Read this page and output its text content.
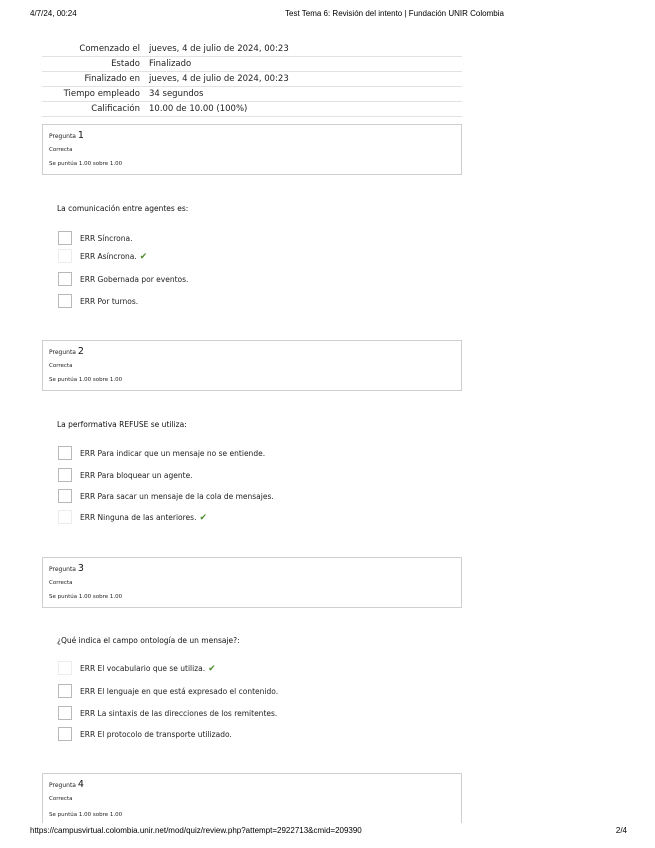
4/7/24, 00:24	Test Tema 6: Revisión del intento | Fundación UNIR Colombia
Comenzado el	jueves, 4 de julio de 2024, 00:23
Estado	Finalizado
Finalizado en	jueves, 4 de julio de 2024, 00:23
Tiempo empleado	34 segundos
Calificación	10.00 de 10.00 (100%)
Pregunta 1
Correcta
Se puntúa 1.00 sobre 1.00
La comunicación entre agentes es:
ERR Síncrona.
ERR Asíncrona. ✔
ERR Gobernada por eventos.
ERR Por turnos.
Pregunta 2
Correcta
Se puntúa 1.00 sobre 1.00
La performativa REFUSE se utiliza:
ERR Para indicar que un mensaje no se entiende.
ERR Para bloquear un agente.
ERR Para sacar un mensaje de la cola de mensajes.
ERR Ninguna de las anteriores. ✔
Pregunta 3
Correcta
Se puntúa 1.00 sobre 1.00
¿Qué indica el campo ontología de un mensaje?:
ERR El vocabulario que se utiliza. ✔
ERR El lenguaje en que está expresado el contenido.
ERR La sintaxis de las direcciones de los remitentes.
ERR El protocolo de transporte utilizado.
Pregunta 4
Correcta
Se puntúa 1.00 sobre 1.00
https://campusvirtual.colombia.unir.net/mod/quiz/review.php?attempt=2922713&cmid=209390	2/4
